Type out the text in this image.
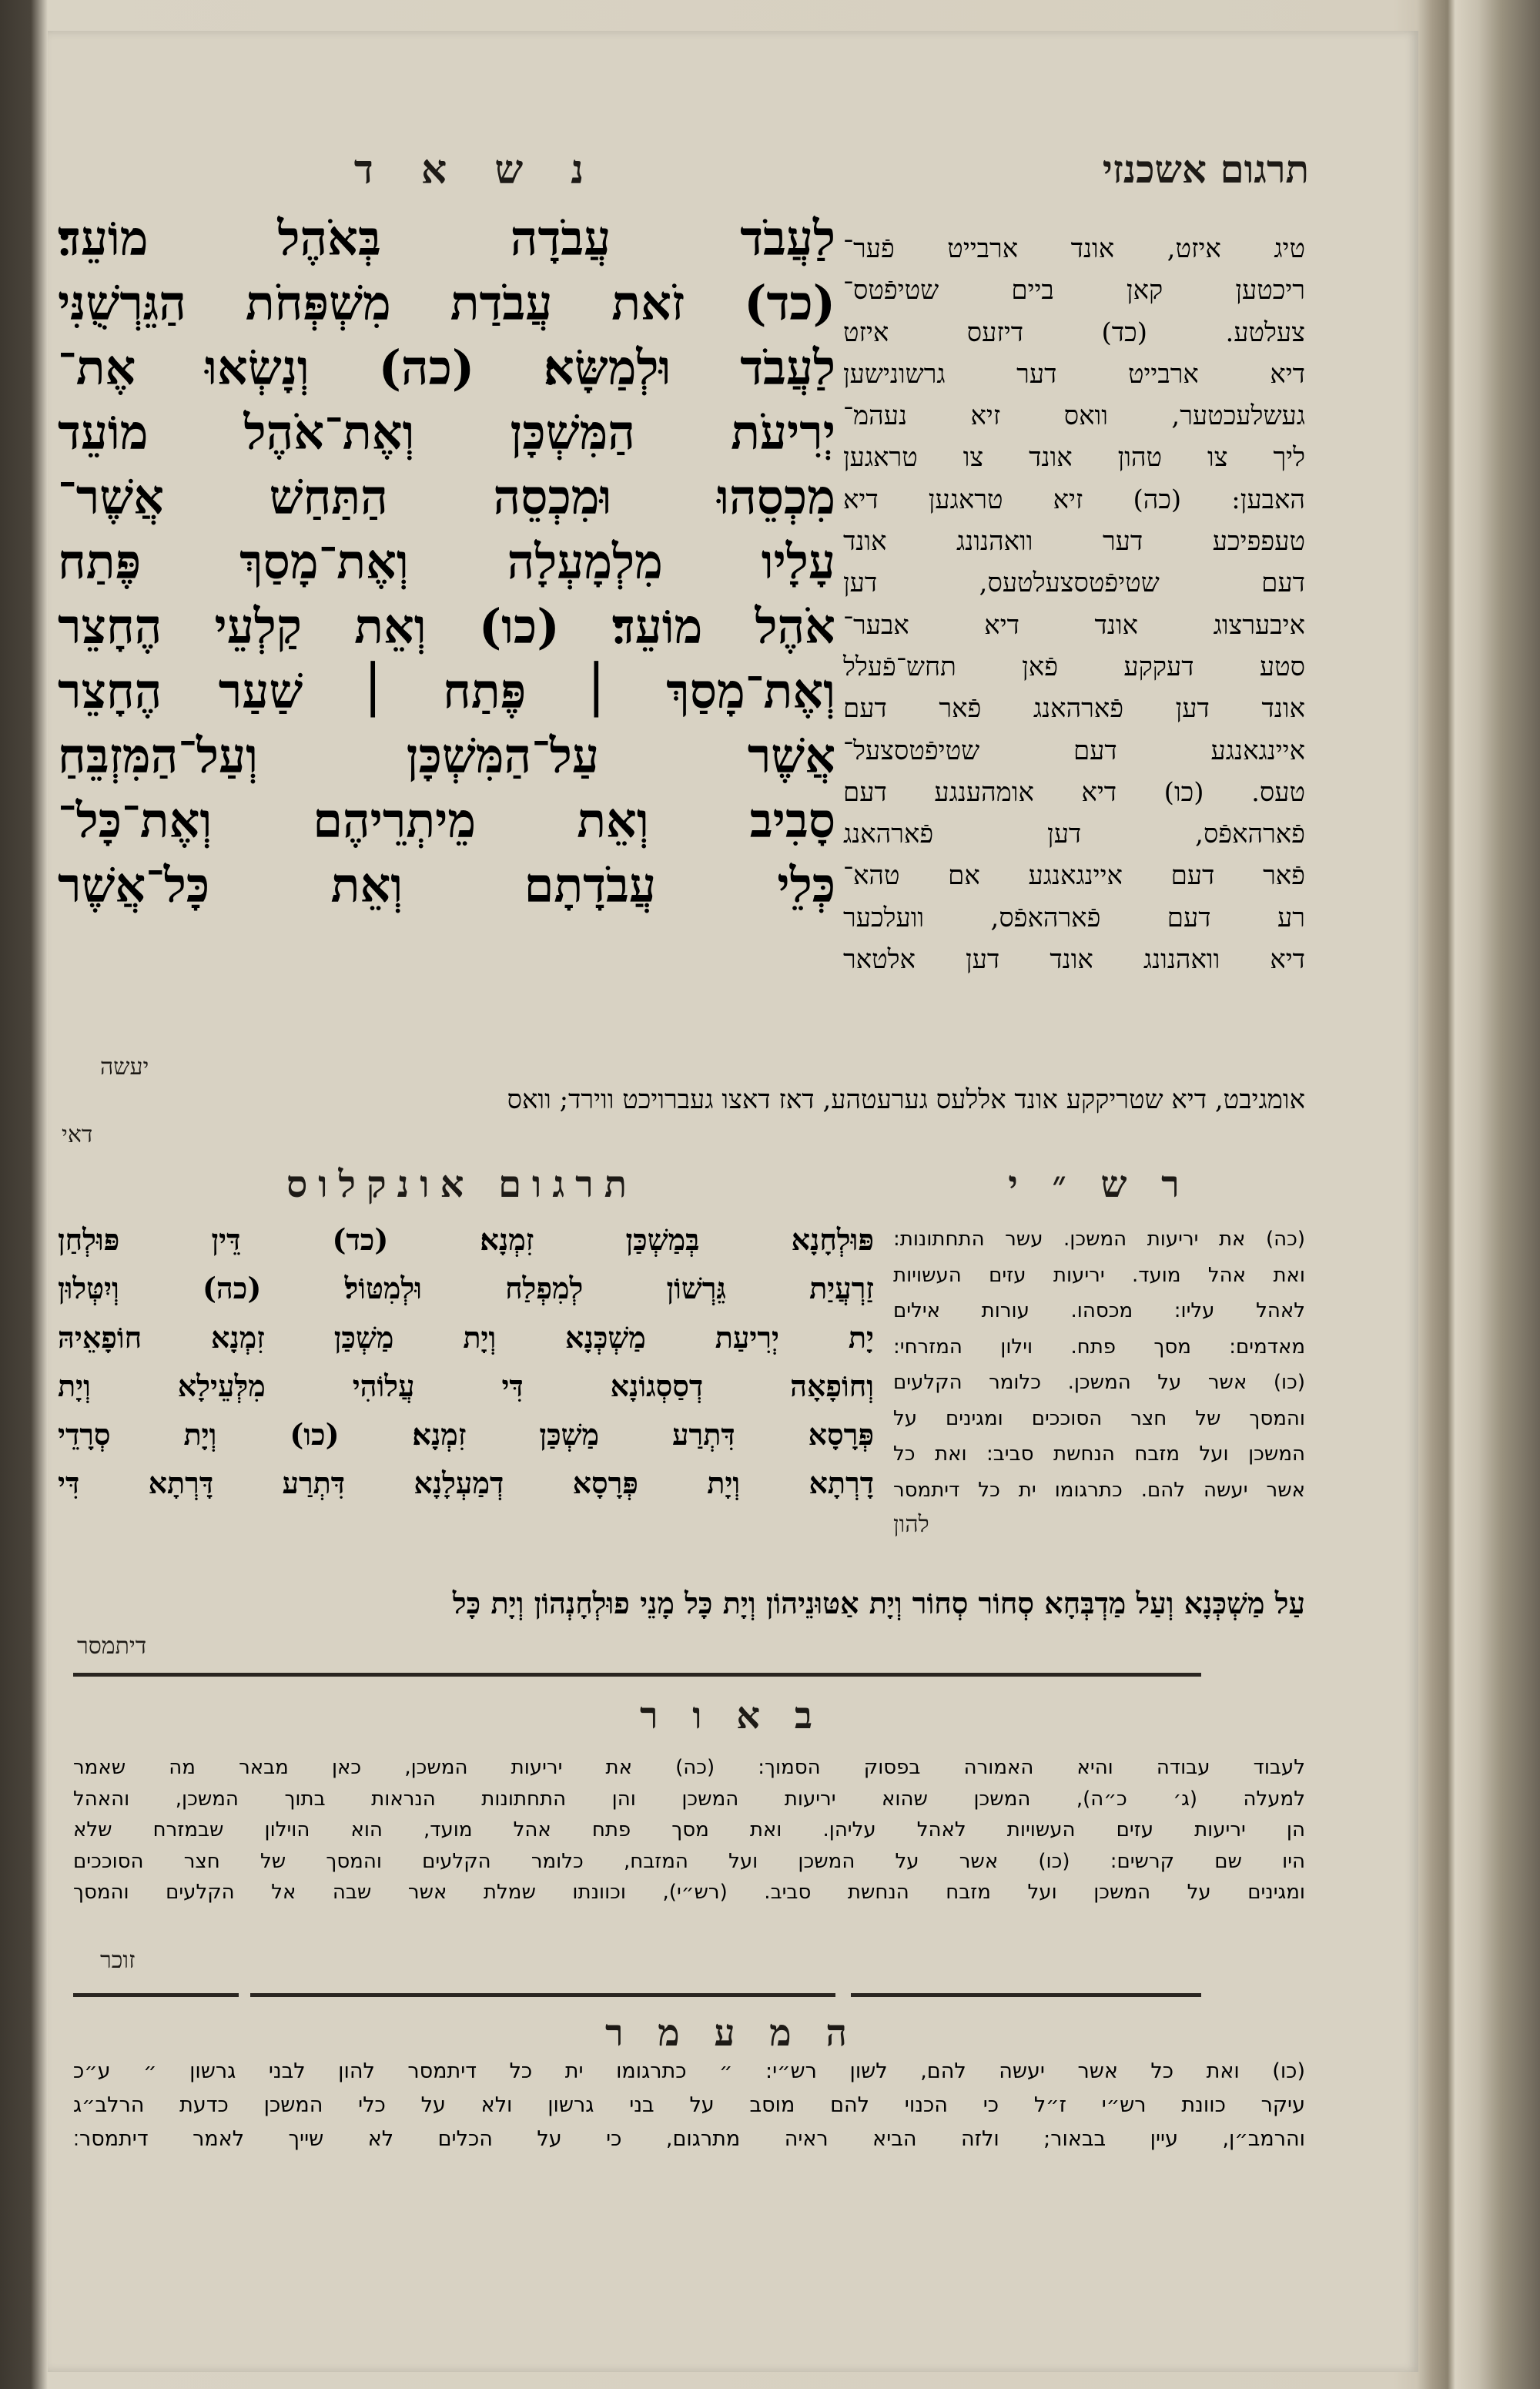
תרגום אשכנזי
נ ש א ד
לַעֲבֹד עֲבֹדָה בְּאֹהֶל מוֹעֵד׃
(כד) זֹאת עֲבֹדַת מִשְׁפְּחֹת הַגֵּרְשֻׁנִּי
לַעֲבֹד וּלְמַשָּׂא׃ (כה) וְנָשְׂאוּ אֶת־
יְרִיעֹת הַמִּשְׁכָּן וְאֶת־אֹהֶל מוֹעֵד
מִכְסֵהוּ וּמִכְסֵה הַתַּחַשׁ אֲשֶׁר־
עָלָיו מִלְמָעְלָה וְאֶת־מָסַךְ פֶּתַח
אֹהֶל מוֹעֵד׃ (כו) וְאֵת קַלְעֵי הֶחָצֵר
וְאֶת־מָסַךְ ׀ פֶּתַח ׀ שַׁעַר הֶחָצֵר
אֲשֶׁר עַל־הַמִּשְׁכָּן וְעַל־הַמִּזְבֵּחַ
סָבִיב וְאֵת מֵיתְרֵיהֶם וְאֶת־כָּל־
כְּלֵי עֲבֹדָתָם וְאֵת כָּל־אֲשֶׁר
יעשה
טיג איזט, אונד ארבייט פֿער־
ריכטען קאן ביים שטיפֿטס־
צעלטע. (כד) דיזעס איזט
דיא ארבייט דער גרשונישען
געשלעכטער, וואס זיא נעהמ־
ליך צו טהון אונד צו טראגען
האבען: (כה) זיא טראגען דיא
טעפפיכע דער וואהנונג אונד
דעם שטיפֿטסצעלטעס, דען
איבערצוג אונד דיא אבער־
סטע דעקקע פֿאן תחש־פֿעלל
אונד דען פֿארהאנג פֿאר דעם
איינגאנגע דעם שטיפֿטסצעל־
טעס. (כו) דיא אומהענגע דעם
פֿארהאפֿס, דען פֿארהאנג
פֿאר דעם איינגאנגע אם טהא־
רע דעם פֿארהאפֿס, וועלכער
דיא וואהנונג אונד דען אלטאר
אומגיבט, דיא שטריקקע אונד אללעס גערעטהע, דאז דאצו געברויכט ווירד; וואס
דאי
ר ש ״ י
תרגום אונקלוס
(כה) את יריעות המשכן. עשר התחתונות:
ואת אהל מועד. יריעות עזים העשויות
לאהל עליו: מכסהו. עורות אילים
מאדמים: מסך פתח. וילון המזרחי:
(כו) אשר על המשכן. כלומר הקלעים
והמסך של חצר הסוככים ומגינים על
המשכן ועל מזבח הנחשת סביב: ואת כל
אשר יעשה להם. כתרגומו ית כל דיתמסר
להון
פּוּלְחָנָא בְּמַשְׁכַּן זִמְנָא׃ (כד) דֵּין פּוּלְחַן
זַרְעֲיַת גֵּרְשׁוֹן לְמִפְלַח וּלְמִטּוֹל׃ (כה) וְיִטְּלוּן
יָת יְרִיעַת מַשְׁכְּנָא וְיָת מַשְׁכַּן זִמְנָא חוֹפָאֵיהּ
וְחוֹפָאָה דְסַסְגוֹנָא דִּי עֲלוֹהִי מִלְּעֵילָא וְיָת
פְּרָסָא דִּתְרַע מַשְׁכַּן זִמְנָא׃ (כו) וְיָת סְרָדֵי
דָרְתָא וְיָת פְּרָסָא דְמַעְלָנָא דִּתְרַע דָּרְתָא דִּי
עַל מַשְׁכְּנָא וְעַל מַדְבְּחָא סְחוֹר סְחוֹר וְיָת אַטּוּנֵיהוֹן וְיָת כָּל מָנֵי פוּלְחָנְהוֹן וְיָת כָּל
דיתמסר
ב א ו ר
לעבוד עבודה והיא האמורה בפסוק הסמוך: (כה) את יריעות המשכן, כאן מבאר מה שאמר
למעלה (ג׳ כ״ה), המשכן שהוא יריעות המשכן והן התחתונות הנראות בתוך המשכן, והאהל
הן יריעות עזים העשויות לאהל עליהן. ואת מסך פתח אהל מועד, הוא הוילון שבמזרח שלא
היו שם קרשים: (כו) אשר על המשכן ועל המזבח, כלומר הקלעים והמסך של חצר הסוככים
ומגינים על המשכן ועל מזבח הנחשת סביב. (רש״י), וכוונתו שמלת אשר שבה אל הקלעים והמסך
זוכר
ה מ ע מ ר
(כו) ואת כל אשר יעשה להם, לשון רש״י: ״ כתרגומו ית כל דיתמסר להון לבני גרשון ״ ע״כ
עיקר כוונת רש״י ז״ל כי הכנוי להם מוסב על בני גרשון ולא על כלי המשכן כדעת הרלב״ג
והרמב״ן, עיין בבאור; ולזה הביא ראיה מתרגום, כי על הכלים לא שייך לאמר דיתמסר׃
